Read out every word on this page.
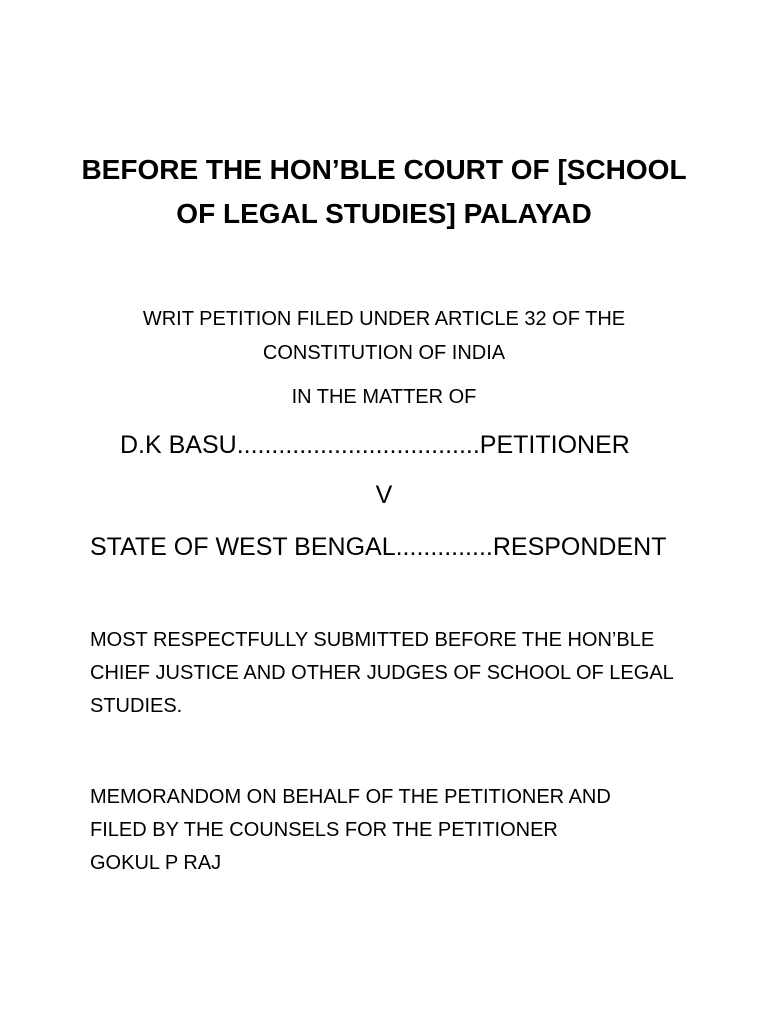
BEFORE THE HON’BLE COURT OF [SCHOOL
OF LEGAL STUDIES] PALAYAD
WRIT PETITION FILED UNDER ARTICLE 32 OF THE
CONSTITUTION OF INDIA
IN THE MATTER OF
D.K BASU...................................PETITIONER
V
STATE OF WEST BENGAL..............RESPONDENT
MOST RESPECTFULLY SUBMITTED BEFORE THE HON’BLE
CHIEF JUSTICE AND OTHER JUDGES OF SCHOOL OF LEGAL
STUDIES.
MEMORANDOM ON BEHALF OF THE PETITIONER AND
FILED BY THE COUNSELS FOR THE PETITIONER
GOKUL P RAJ
